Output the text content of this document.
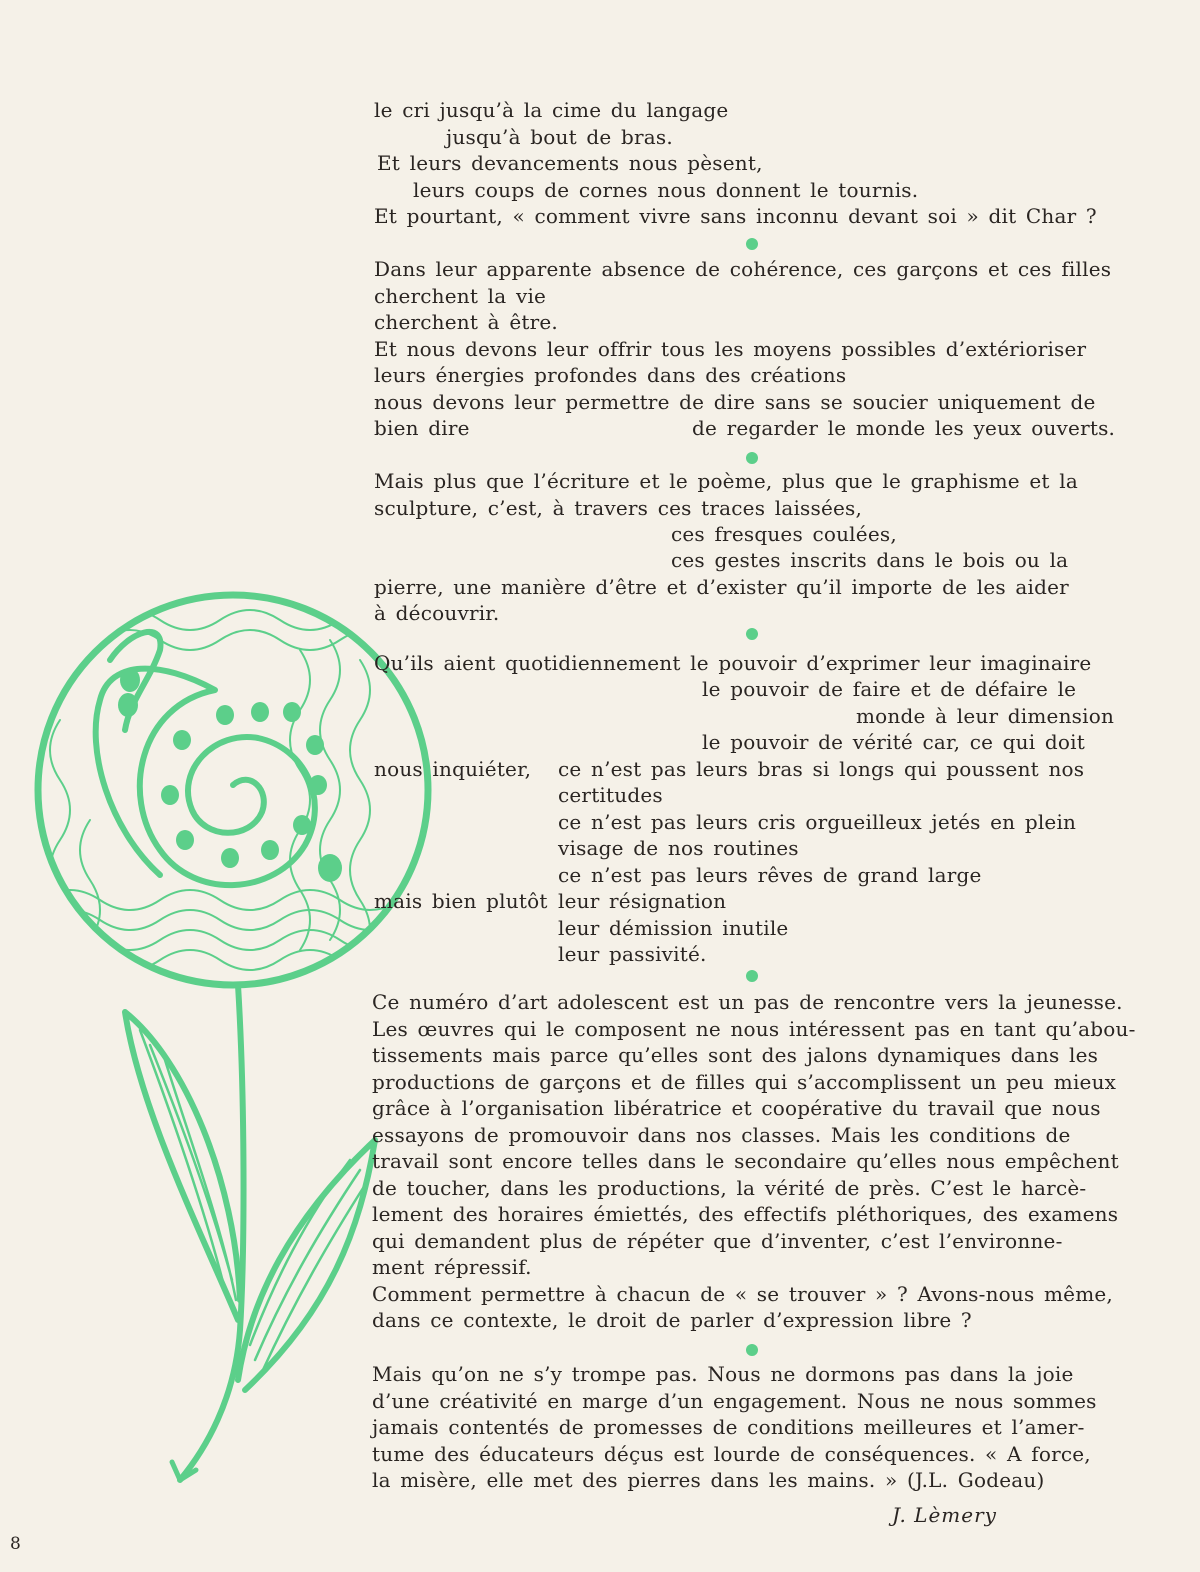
le cri jusqu’à la cime du langage
jusqu’à bout de bras.
Et leurs devancements nous pèsent,
leurs coups de cornes nous donnent le tournis.
Et pourtant, « comment vivre sans inconnu devant soi » dit Char ?
Dans leur apparente absence de cohérence, ces garçons et ces filles
cherchent la vie
cherchent à être.
Et nous devons leur offrir tous les moyens possibles d’extérioriser
leurs énergies profondes dans des créations
nous devons leur permettre de dire sans se soucier uniquement de
bien dire	de regarder le monde les yeux ouverts.
Mais plus que l’écriture et le poème, plus que le graphisme et la
sculpture, c’est, à travers ces traces laissées,
ces fresques coulées,
ces gestes inscrits dans le bois ou la
pierre, une manière d’être et d’exister qu’il importe de les aider
à découvrir.
Qu’ils aient quotidiennement le pouvoir d’exprimer leur imaginaire
le pouvoir de faire et de défaire le
monde à leur dimension
le pouvoir de vérité car, ce qui doit
nous inquiéter, ce n’est pas leurs bras si longs qui poussent nos
certitudes
ce n’est pas leurs cris orgueilleux jetés en plein
visage de nos routines
ce n’est pas leurs rêves de grand large
mais bien plutôt leur résignation
leur démission inutile
leur passivité.
Ce numéro d’art adolescent est un pas de rencontre vers la jeunesse.
Les œuvres qui le composent ne nous intéressent pas en tant qu’abou-
tissements mais parce qu’elles sont des jalons dynamiques dans les
productions de garçons et de filles qui s’accomplissent un peu mieux
grâce à l’organisation libératrice et coopérative du travail que nous
essayons de promouvoir dans nos classes. Mais les conditions de
travail sont encore telles dans le secondaire qu’elles nous empêchent
de toucher, dans les productions, la vérité de près. C’est le harcè-
lement des horaires émiettés, des effectifs pléthoriques, des examens
qui demandent plus de répéter que d’inventer, c’est l’environne-
ment répressif.
Comment permettre à chacun de « se trouver » ? Avons-nous même,
dans ce contexte, le droit de parler d’expression libre ?
Mais qu’on ne s’y trompe pas. Nous ne dormons pas dans la joie
d’une créativité en marge d’un engagement. Nous ne nous sommes
jamais contentés de promesses de conditions meilleures et l’amer-
tume des éducateurs déçus est lourde de conséquences. « A force,
la misère, elle met des pierres dans les mains. » (J.L. Godeau)
J. Lèmery
8
